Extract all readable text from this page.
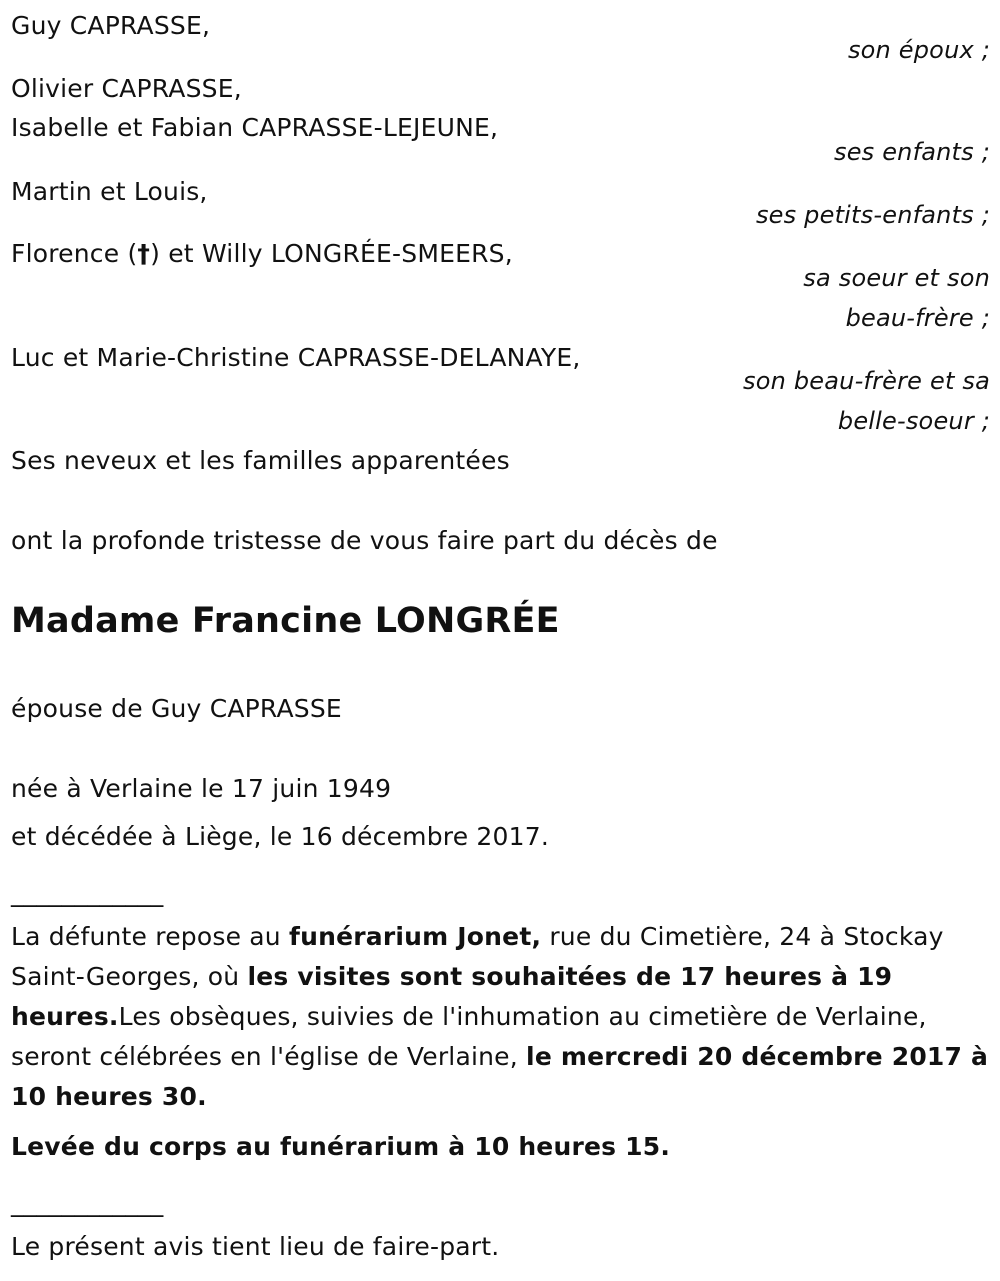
Guy CAPRASSE,
son époux ;
Olivier CAPRASSE,
Isabelle et Fabian CAPRASSE-LEJEUNE,
ses enfants ;
Martin et Louis,
ses petits-enfants ;
Florence (†) et Willy LONGRÉE-SMEERS,
sa soeur et son
beau-frère ;
Luc et Marie-Christine CAPRASSE-DELANAYE,
son beau-frère et sa
belle-soeur ;
Ses neveux et les familles apparentées
ont la profonde tristesse de vous faire part du décès de
Madame Francine LONGRÉE
épouse de Guy CAPRASSE
née à Verlaine le 17 juin 1949
et décédée à Liège, le 16 décembre 2017.
____________
La défunte repose au funérarium Jonet, rue du Cimetière, 24 à Stockay Saint-Georges, où les visites sont souhaitées de 17 heures à 19 heures.Les obsèques, suivies de l'inhumation au cimetière de Verlaine, seront célébrées en l'église de Verlaine, le mercredi 20 décembre 2017 à 10 heures 30.
Levée du corps au funérarium à 10 heures 15.
____________
Le présent avis tient lieu de faire-part.
